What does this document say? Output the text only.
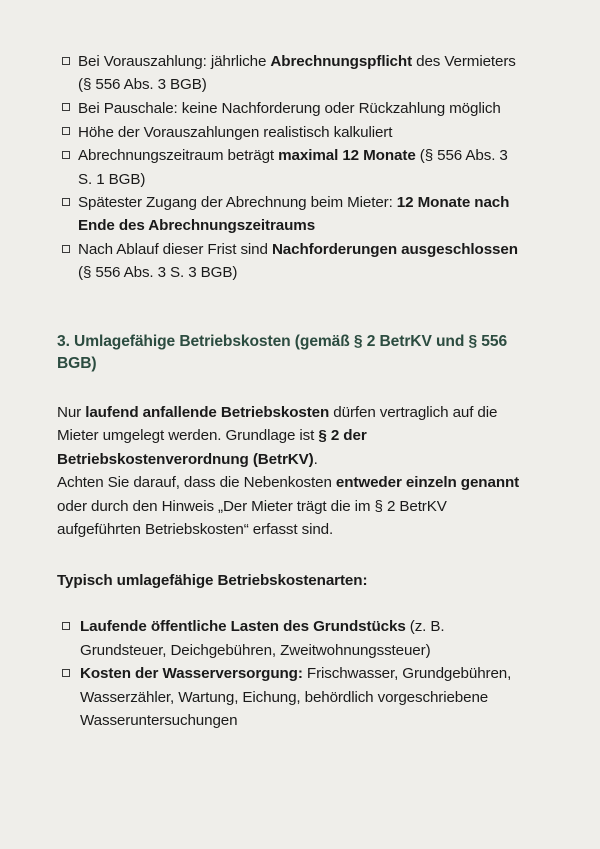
Bei Vorauszahlung: jährliche Abrechnungspflicht des Vermieters (§ 556 Abs. 3 BGB)
Bei Pauschale: keine Nachforderung oder Rückzahlung möglich
Höhe der Vorauszahlungen realistisch kalkuliert
Abrechnungszeitraum beträgt maximal 12 Monate (§ 556 Abs. 3 S. 1 BGB)
Spätester Zugang der Abrechnung beim Mieter: 12 Monate nach Ende des Abrechnungszeitraums
Nach Ablauf dieser Frist sind Nachforderungen ausgeschlossen (§ 556 Abs. 3 S. 3 BGB)
3. Umlagefähige Betriebskosten (gemäß § 2 BetrKV und § 556 BGB)

Nur laufend anfallende Betriebskosten dürfen vertraglich auf die Mieter umgelegt werden. Grundlage ist § 2 der Betriebskostenverordnung (BetrKV).
Achten Sie darauf, dass die Nebenkosten entweder einzeln genannt oder durch den Hinweis „Der Mieter trägt die im § 2 BetrKV aufgeführten Betriebskosten“ erfasst sind.

Typisch umlagefähige Betriebskostenarten:
Laufende öffentliche Lasten des Grundstücks (z. B. Grundsteuer, Deichgebühren, Zweitwohnungssteuer)
Kosten der Wasserversorgung: Frischwasser, Grundgebühren, Wasserzähler, Wartung, Eichung, behördlich vorgeschriebene Wasseruntersuchungen
